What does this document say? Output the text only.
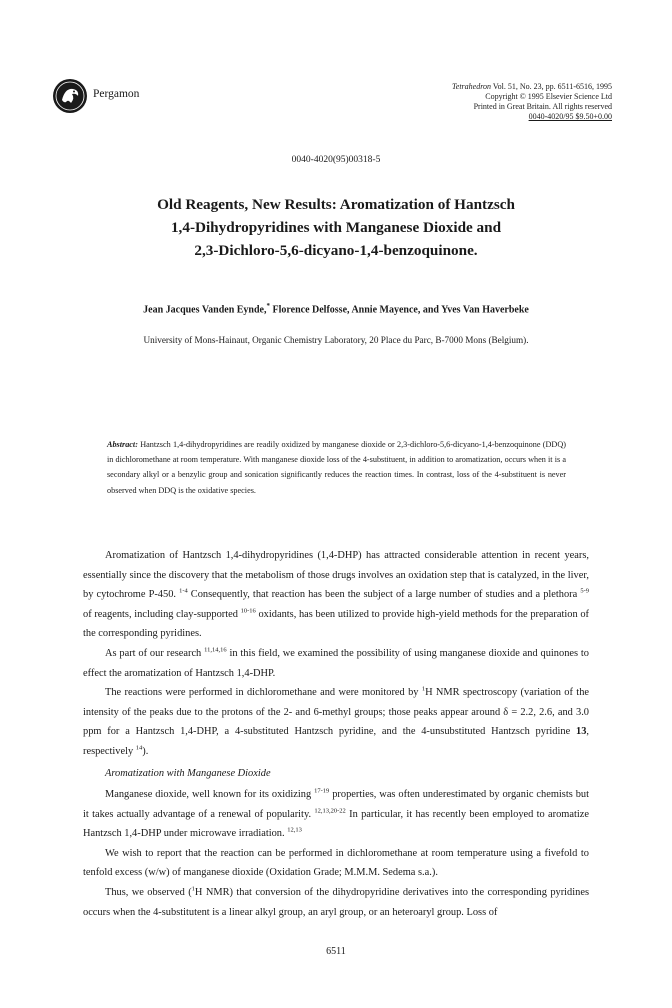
Pergamon
Tetrahedron Vol. 51, No. 23, pp. 6511-6516, 1995
Copyright © 1995 Elsevier Science Ltd
Printed in Great Britain. All rights reserved
0040-4020/95 $9.50+0.00
0040-4020(95)00318-5
Old Reagents, New Results: Aromatization of Hantzsch
1,4-Dihydropyridines with Manganese Dioxide and
2,3-Dichloro-5,6-dicyano-1,4-benzoquinone.
Jean Jacques Vanden Eynde,* Florence Delfosse, Annie Mayence, and Yves Van Haverbeke
University of Mons-Hainaut, Organic Chemistry Laboratory, 20 Place du Parc, B-7000 Mons (Belgium).
Abstract: Hantzsch 1,4-dihydropyridines are readily oxidized by manganese dioxide or 2,3-dichloro-5,6-dicyano-1,4-benzoquinone (DDQ) in dichloromethane at room temperature. With manganese dioxide loss of the 4-substituent, in addition to aromatization, occurs when it is a secondary alkyl or a benzylic group and sonication significantly reduces the reaction times. In contrast, loss of the 4-substituent is never observed when DDQ is the oxidative species.

Aromatization of Hantzsch 1,4-dihydropyridines (1,4-DHP) has attracted considerable attention in recent years, essentially since the discovery that the metabolism of those drugs involves an oxidation step that is catalyzed, in the liver, by cytochrome P-450. $^{1-4}$ Consequently, that reaction has been the subject of a large number of studies and a plethora $^{5-9}$ of reagents, including clay-supported $^{10-16}$ oxidants, has been utilized to provide high-yield methods for the preparation of the corresponding pyridines.

As part of our research $^{11,14,16}$ in this field, we examined the possibility of using manganese dioxide and quinones to effect the aromatization of Hantzsch 1,4-DHP.

The reactions were performed in dichloromethane and were monitored by $^1$H NMR spectroscopy (variation of the intensity of the peaks due to the protons of the 2- and 6-methyl groups; those peaks appear around δ = 2.2, 2.6, and 3.0 ppm for a Hantzsch 1,4-DHP, a 4-substituted Hantzsch pyridine, and the 4-unsubstituted Hantzsch pyridine 13, respectively $^{14}$).

Aromatization with Manganese Dioxide

Manganese dioxide, well known for its oxidizing $^{17-19}$ properties, was often underestimated by organic chemists but it takes actually advantage of a renewal of popularity. $^{12,13,20-22}$ In particular, it has recently been employed to aromatize Hantzsch 1,4-DHP under microwave irradiation. $^{12,13}$

We wish to report that the reaction can be performed in dichloromethane at room temperature using a fivefold to tenfold excess (w/w) of manganese dioxide (Oxidation Grade; M.M.M. Sedema s.a.).

Thus, we observed ($^1$H NMR) that conversion of the dihydropyridine derivatives into the corresponding pyridines occurs when the 4-substitutent is a linear alkyl group, an aryl group, or an heteroaryl group. Loss of

6511
